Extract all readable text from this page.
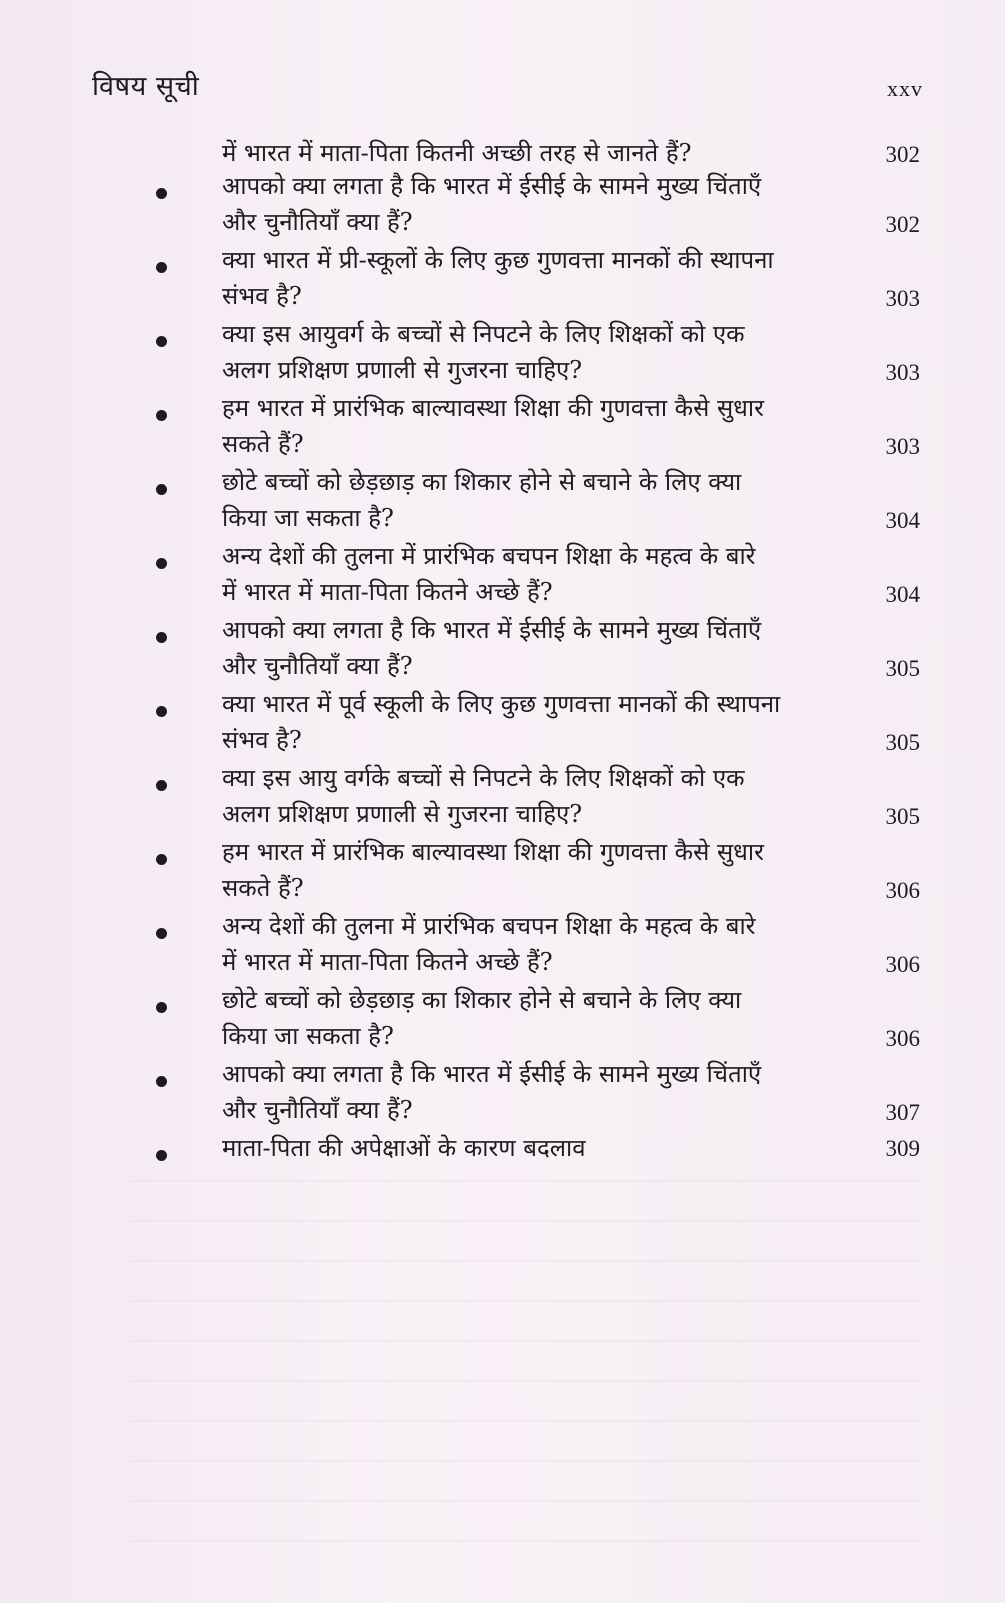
विषय सूची	xxv
में भारत में माता-पिता कितनी अच्छी तरह से जानते हैं?	302
आपको क्या लगता है कि भारत में ईसीई के सामने मुख्य चिंताएँ
और चुनौतियाँ क्या हैं?	302
क्या भारत में प्री-स्कूलों के लिए कुछ गुणवत्ता मानकों की स्थापना
संभव है?	303
क्या इस आयुवर्ग के बच्चों से निपटने के लिए शिक्षकों को एक
अलग प्रशिक्षण प्रणाली से गुजरना चाहिए?	303
हम भारत में प्रारंभिक बाल्यावस्था शिक्षा की गुणवत्ता कैसे सुधार
सकते हैं?	303
छोटे बच्चों को छेड़छाड़ का शिकार होने से बचाने के लिए क्या
किया जा सकता है?	304
अन्य देशों की तुलना में प्रारंभिक बचपन शिक्षा के महत्व के बारे
में भारत में माता-पिता कितने अच्छे हैं?	304
आपको क्या लगता है कि भारत में ईसीई के सामने मुख्य चिंताएँ
और चुनौतियाँ क्या हैं?	305
क्या भारत में पूर्व स्कूली के लिए कुछ गुणवत्ता मानकों की स्थापना
संभव है?	305
क्या इस आयु वर्गके बच्चों से निपटने के लिए शिक्षकों को एक
अलग प्रशिक्षण प्रणाली से गुजरना चाहिए?	305
हम भारत में प्रारंभिक बाल्यावस्था शिक्षा की गुणवत्ता कैसे सुधार
सकते हैं?	306
अन्य देशों की तुलना में प्रारंभिक बचपन शिक्षा के महत्व के बारे
में भारत में माता-पिता कितने अच्छे हैं?	306
छोटे बच्चों को छेड़छाड़ का शिकार होने से बचाने के लिए क्या
किया जा सकता है?	306
आपको क्या लगता है कि भारत में ईसीई के सामने मुख्य चिंताएँ
और चुनौतियाँ क्या हैं?	307
माता-पिता की अपेक्षाओं के कारण बदलाव	309
